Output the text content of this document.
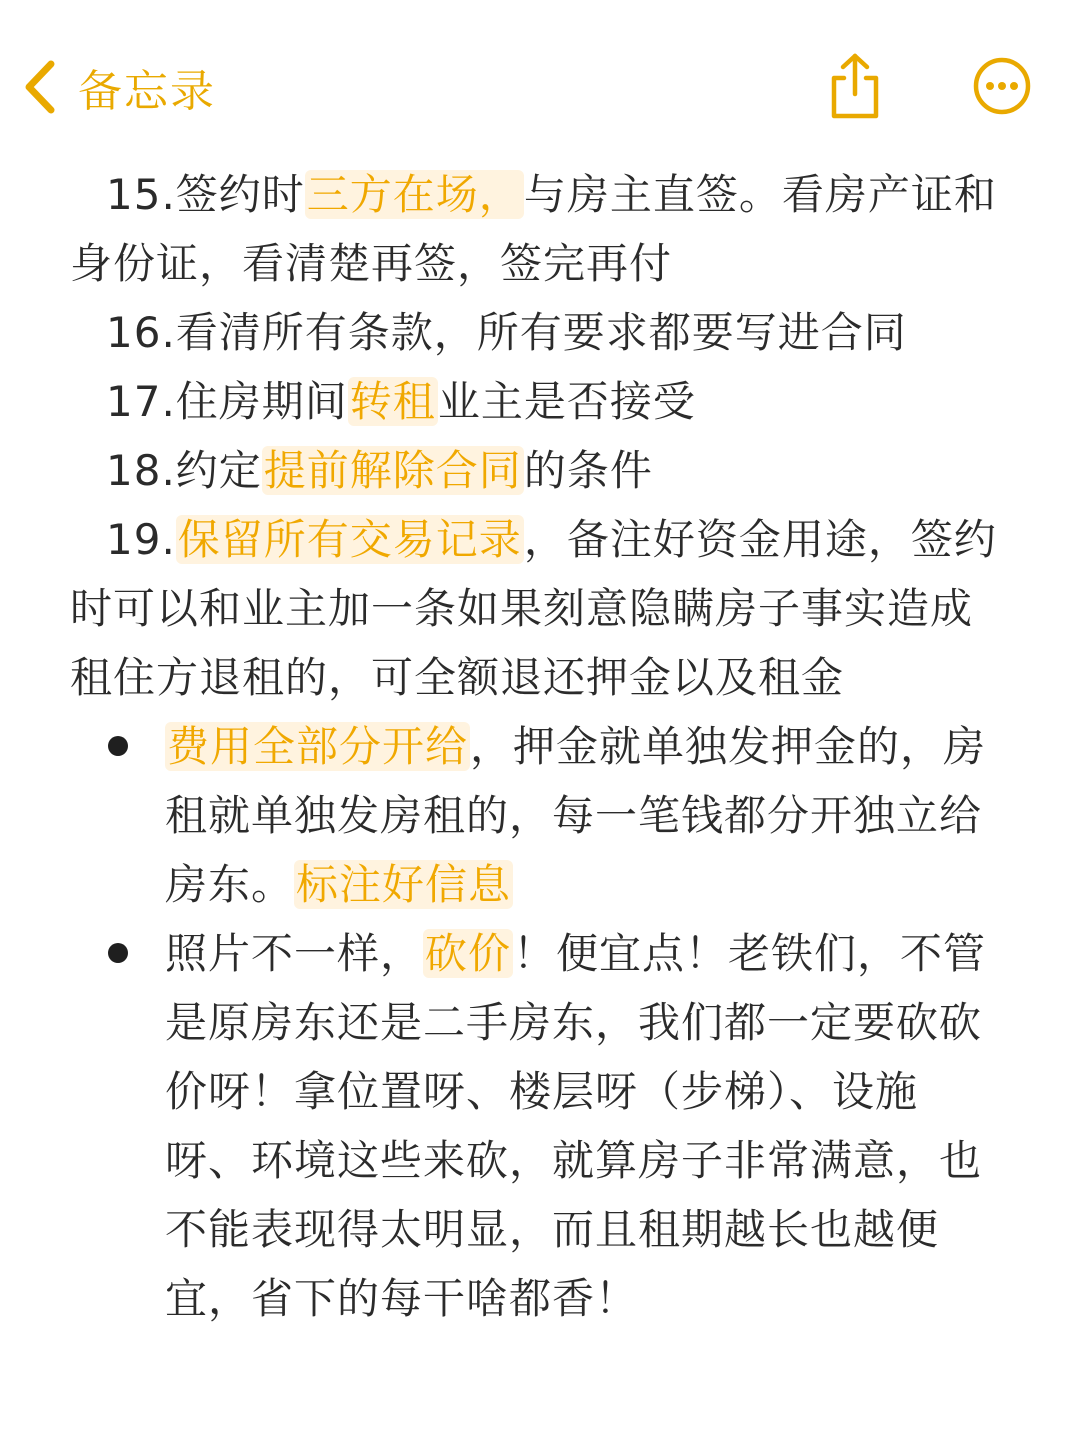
备忘录

15.签约时三方在场，与房主直签。看房产证和身份证，看清楚再签，签完再付

16.看清所有条款，所有要求都要写进合同

17.住房期间转租业主是否接受

18.约定提前解除合同的条件

19.保留所有交易记录，备注好资金用途，签约时可以和业主加一条如果刻意隐瞒房子事实造成租住方退租的，可全额退还押金以及租金

费用全部分开给，押金就单独发押金的，房租就单独发房租的，每一笔钱都分开独立给房东。标注好信息
照片不一样，砍价！便宜点！老铁们，不管是原房东还是二手房东，我们都一定要砍砍价呀！拿位置呀、楼层呀（步梯）、设施呀、环境这些来砍，就算房子非常满意，也不能表现得太明显，而且租期越长也越便宜，省下的每干啥都香！
